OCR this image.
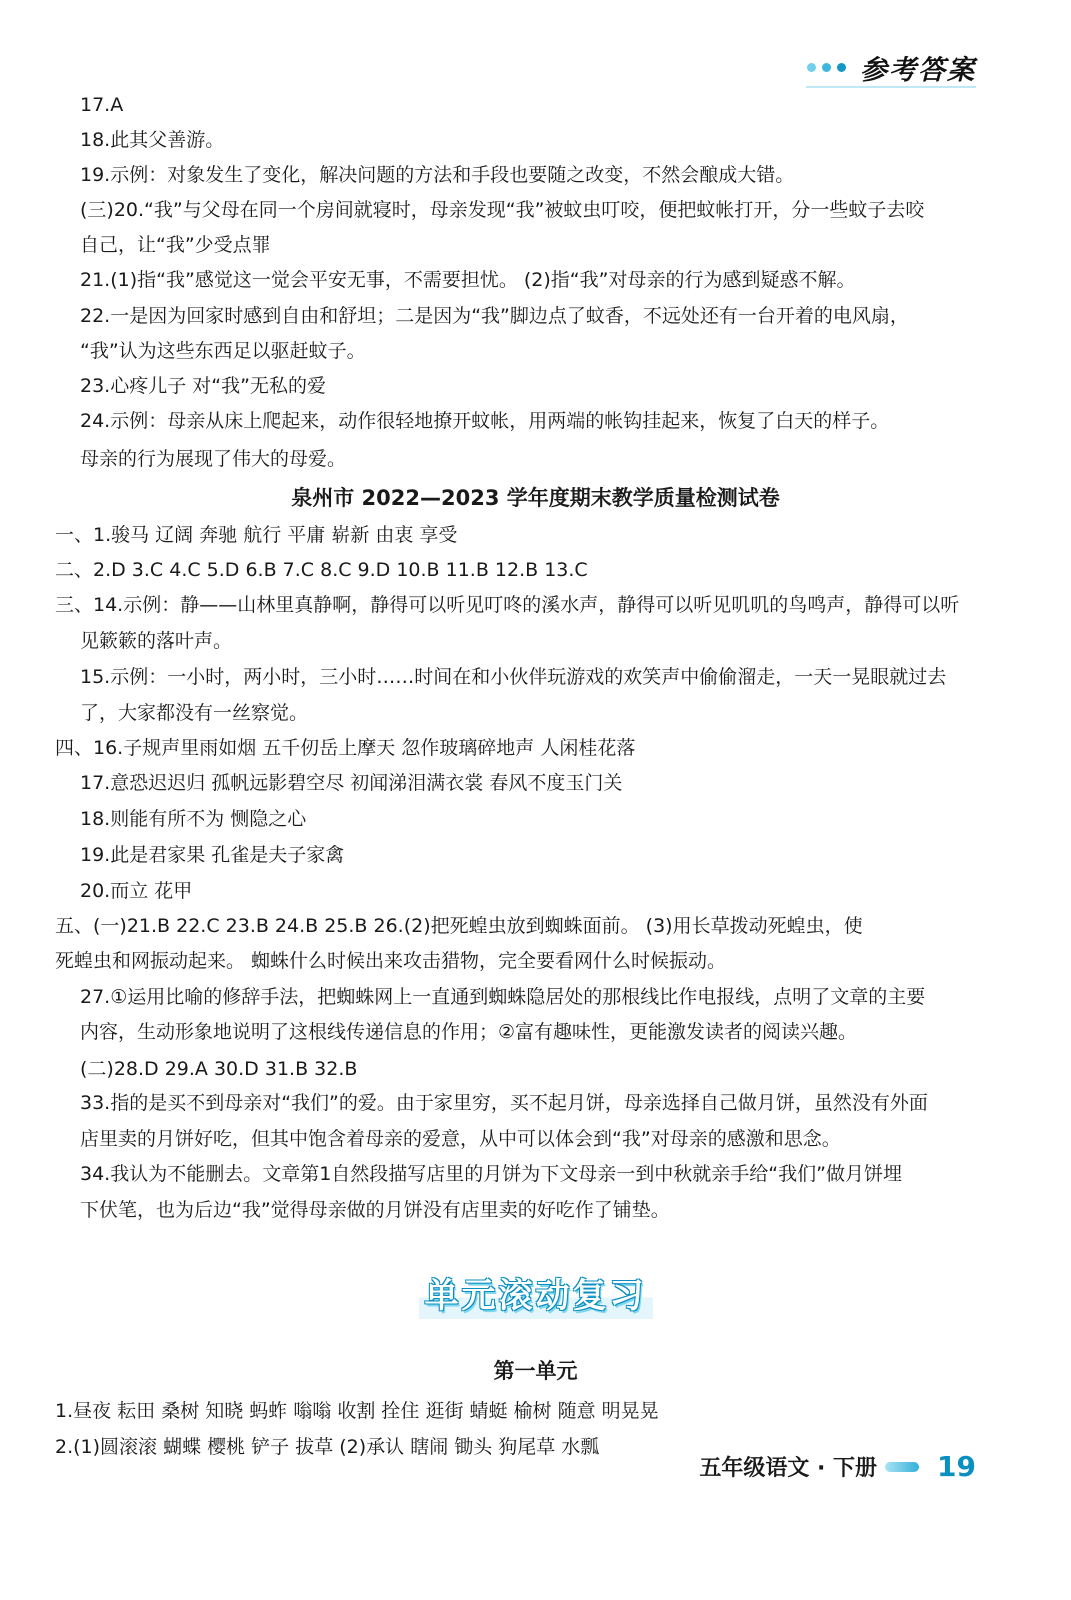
参考答案
17.A
18.此其父善游。
19.示例：对象发生了变化，解决问题的方法和手段也要随之改变，不然会酿成大错。
(三)20.“我”与父母在同一个房间就寝时，母亲发现“我”被蚊虫叮咬，便把蚊帐打开，分一些蚊子去咬
自己，让“我”少受点罪
21.(1)指“我”感觉这一觉会平安无事，不需要担忧。 (2)指“我”对母亲的行为感到疑惑不解。
22.一是因为回家时感到自由和舒坦；二是因为“我”脚边点了蚊香，不远处还有一台开着的电风扇，
“我”认为这些东西足以驱赶蚊子。
23.心疼儿子 对“我”无私的爱
24.示例：母亲从床上爬起来，动作很轻地撩开蚊帐，用两端的帐钩挂起来，恢复了白天的样子。
母亲的行为展现了伟大的母爱。
泉州市 2022—2023 学年度期末教学质量检测试卷
一、1.骏马 辽阔 奔驰 航行 平庸 崭新 由衷 享受
二、2.D 3.C 4.C 5.D 6.B 7.C 8.C 9.D 10.B 11.B 12.B 13.C
三、14.示例：静——山林里真静啊，静得可以听见叮咚的溪水声，静得可以听见叽叽的鸟鸣声，静得可以听
见簌簌的落叶声。
15.示例：一小时，两小时，三小时……时间在和小伙伴玩游戏的欢笑声中偷偷溜走，一天一晃眼就过去
了，大家都没有一丝察觉。
四、16.子规声里雨如烟 五千仞岳上摩天 忽作玻璃碎地声 人闲桂花落
17.意恐迟迟归 孤帆远影碧空尽 初闻涕泪满衣裳 春风不度玉门关
18.则能有所不为 恻隐之心
19.此是君家果 孔雀是夫子家禽
20.而立 花甲
五、(一)21.B 22.C 23.B 24.B 25.B 26.(2)把死蝗虫放到蜘蛛面前。 (3)用长草拨动死蝗虫，使
死蝗虫和网振动起来。 蜘蛛什么时候出来攻击猎物，完全要看网什么时候振动。
27.①运用比喻的修辞手法，把蜘蛛网上一直通到蜘蛛隐居处的那根线比作电报线，点明了文章的主要
内容，生动形象地说明了这根线传递信息的作用；②富有趣味性，更能激发读者的阅读兴趣。
(二)28.D 29.A 30.D 31.B 32.B
33.指的是买不到母亲对“我们”的爱。由于家里穷，买不起月饼，母亲选择自己做月饼，虽然没有外面
店里卖的月饼好吃，但其中饱含着母亲的爱意，从中可以体会到“我”对母亲的感激和思念。
34.我认为不能删去。文章第1自然段描写店里的月饼为下文母亲一到中秋就亲手给“我们”做月饼埋
下伏笔，也为后边“我”觉得母亲做的月饼没有店里卖的好吃作了铺垫。
单元滚动复习
第一单元
1.昼夜 耘田 桑树 知晓 蚂蚱 嗡嗡 收割 拴住 逛街 蜻蜓 榆树 随意 明晃晃
2.(1)圆滚滚 蝴蝶 樱桃 铲子 拔草 (2)承认 瞎闹 锄头 狗尾草 水瓢
五年级语文 · 下册 19
